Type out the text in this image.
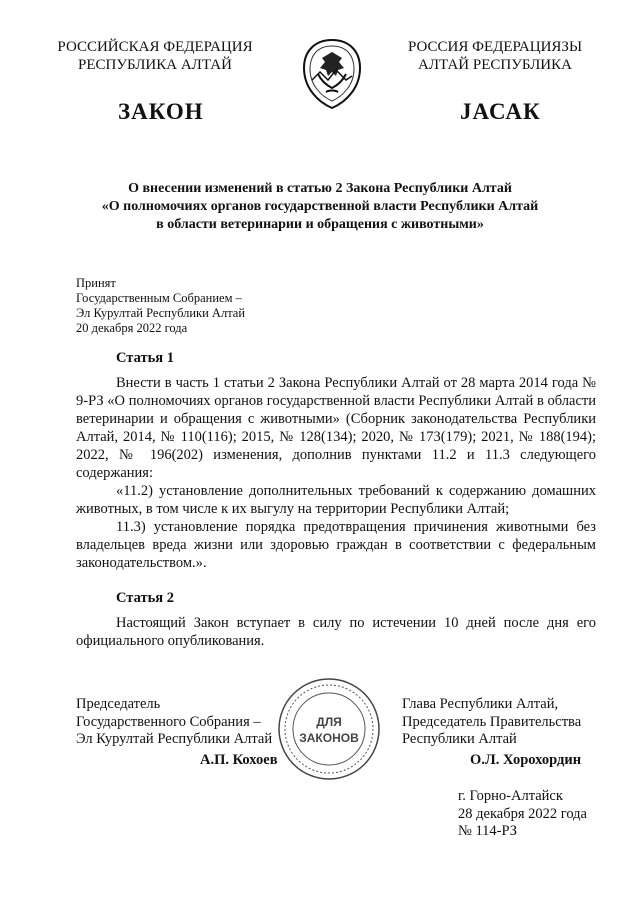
РОССИЙСКАЯ ФЕДЕРАЦИЯ
РЕСПУБЛИКА АЛТАЙ
РОССИЯ ФЕДЕРАЦИЯЗЫ
АЛТАЙ РЕСПУБЛИКА
ЗАКОН	ЈАСАК
О внесении изменений в статью 2 Закона Республики Алтай
«О полномочиях органов государственной власти Республики Алтай
в области ветеринарии и обращения с животными»
Принят
Государственным Собранием –
Эл Курултай Республики Алтай
20 декабря 2022 года
Статья 1

Внести в часть 1 статьи 2 Закона Республики Алтай от 28 марта 2014 года № 9-РЗ «О полномочиях органов государственной власти Республики Алтай в области ветеринарии и обращения с животными» (Сборник законодательства Республики Алтай, 2014, № 110(116); 2015, № 128(134); 2020, № 173(179); 2021, № 188(194); 2022, № 196(202) изменения, дополнив пунктами 11.2 и 11.3 следующего содержания:

«11.2) установление дополнительных требований к содержанию домашних животных, в том числе к их выгулу на территории Республики Алтай;

11.3) установление порядка предотвращения причинения животными без владельцев вреда жизни или здоровью граждан в соответствии с федеральным законодательством.».

Статья 2

Настоящий Закон вступает в силу по истечении 10 дней после дня его официального опубликования.

Председатель
Государственного Собрания –
Эл Курултай Республики Алтай
А.П. Кохоев
ДЛЯ
ЗАКОНОВ
Глава Республики Алтай,
Председатель Правительства
Республики Алтай
О.Л. Хорохордин
г. Горно-Алтайск
28 декабря 2022 года
№ 114-РЗ
